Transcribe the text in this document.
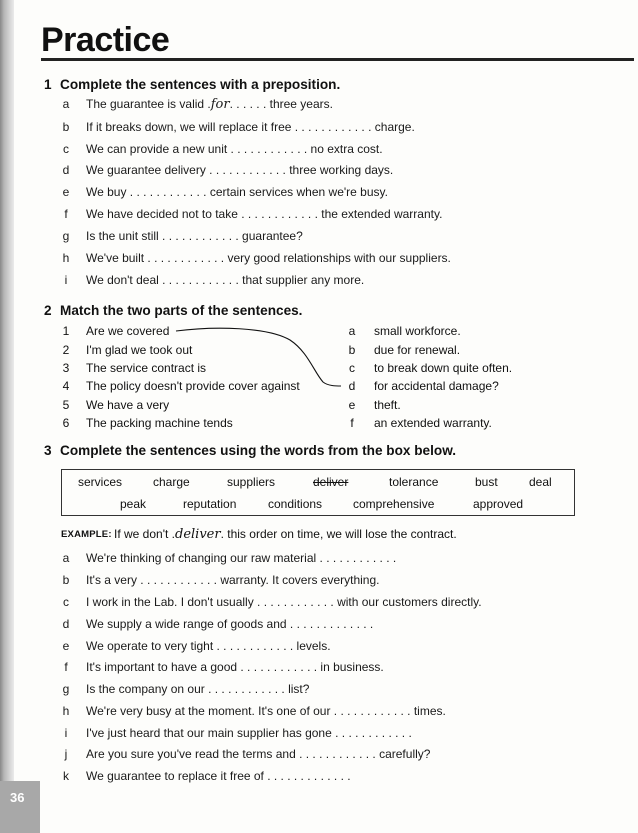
36
Practice
1 Complete the sentences with a preposition.
a The guarantee is valid .for. . . . . . three years.
b If it breaks down, we will replace it free . . . . . . . . . . . . charge.
c We can provide a new unit . . . . . . . . . . . . no extra cost.
d We guarantee delivery . . . . . . . . . . . . three working days.
e We buy . . . . . . . . . . . . certain services when we're busy.
f We have decided not to take . . . . . . . . . . . . the extended warranty.
g Is the unit still . . . . . . . . . . . . guarantee?
h We've built . . . . . . . . . . . . very good relationships with our suppliers.
i	We don't deal . . . . . . . . . . . . that supplier any more.
2 Match the two parts of the sentences.
1 Are we covered
2 I'm glad we took out
3 The service contract is
4 The policy doesn't provide cover against
5 We have a very
6 The packing machine tends
a small workforce.
b due for renewal.
c to break down quite often.
d for accidental damage?
e theft.
f an extended warranty.
3 Complete the sentences using the words from the box below.
services	charge	suppliers	deliver	tolerance	bust	deal
peak	reputation	conditions	comprehensive	approved
EXAMPLE: If we don't .deliver. this order on time, we will lose the contract.
a We're thinking of changing our raw material . . . . . . . . . . . .
b It's a very . . . . . . . . . . . . warranty. It covers everything.
c I work in the Lab. I don't usually . . . . . . . . . . . . with our customers directly.
d We supply a wide range of goods and . . . . . . . . . . . . .
e We operate to very tight . . . . . . . . . . . . levels.
f It's important to have a good . . . . . . . . . . . . in business.
g Is the company on our . . . . . . . . . . . . list?
h We're very busy at the moment. It's one of our . . . . . . . . . . . . times.
i	I've just heard that our main supplier has gone . . . . . . . . . . . .
j	Are you sure you've read the terms and . . . . . . . . . . . . carefully?
k We guarantee to replace it free of . . . . . . . . . . . . .
